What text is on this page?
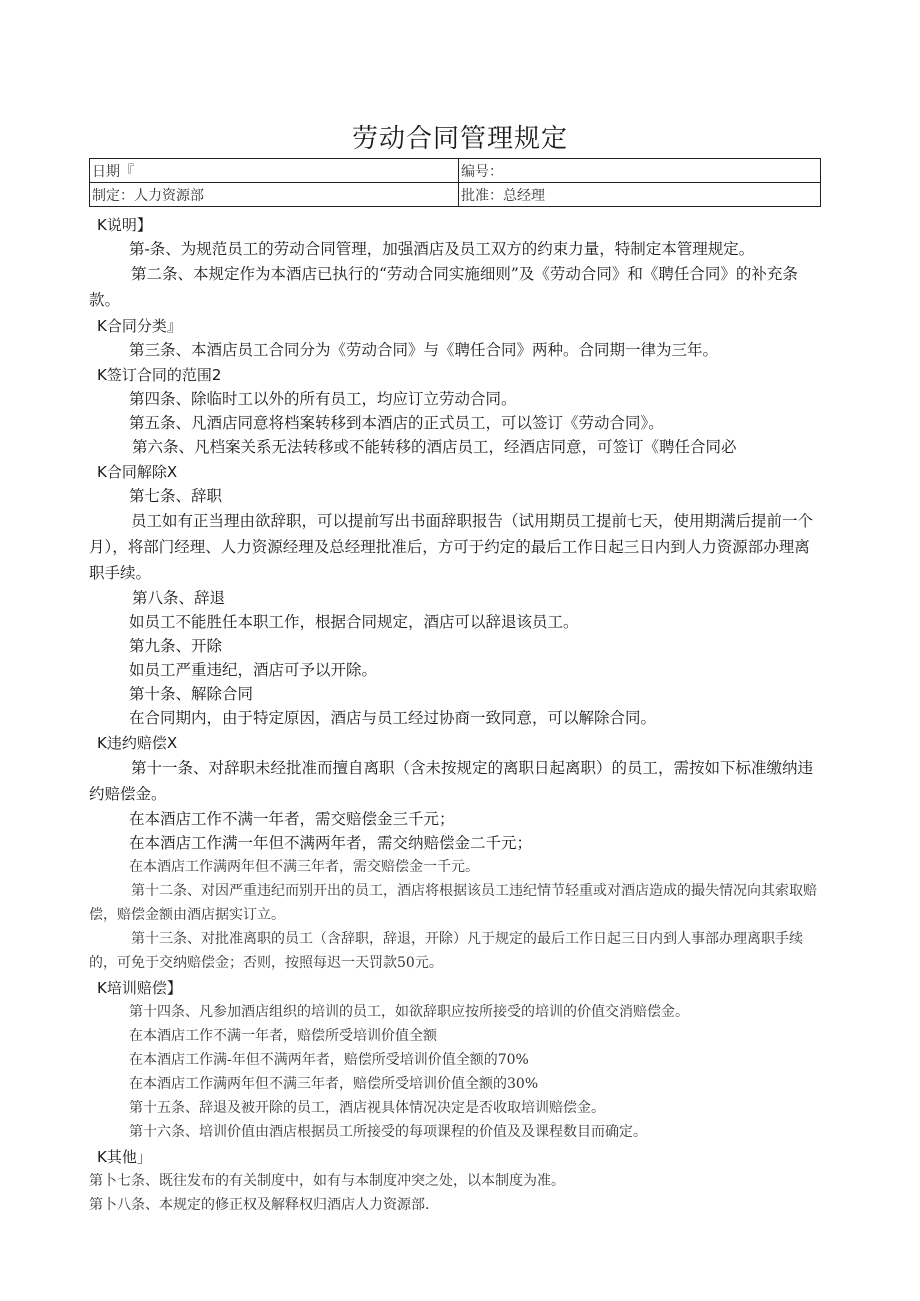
劳动合同管理规定
日期『	编号：
制定：人力资源部	批准：总经理
K说明】
第-条、为规范员工的劳动合同管理，加强酒店及员工双方的约束力量，特制定本管理规定。
第二条、本规定作为本酒店已执行的“劳动合同实施细则”及《劳动合同》和《聘任合同》的补充条款。
K合同分类』
第三条、本酒店员工合同分为《劳动合同》与《聘任合同》两种。合同期一律为三年。
K签订合同的范围2
第四条、除临时工以外的所有员工，均应订立劳动合同。
第五条、凡酒店同意将档案转移到本酒店的正式员工，可以签订《劳动合同》。
第六条、凡档案关系无法转移或不能转移的酒店员工，经酒店同意，可签订《聘任合同必
K合同解除X
第七条、辞职
员工如有正当理由欲辞职，可以提前写出书面辞职报告（试用期员工提前七天，使用期满后提前一个月），将部门经理、人力资源经理及总经理批准后，方可于约定的最后工作日起三日内到人力资源部办理离职手续。
第八条、辞退
如员工不能胜任本职工作，根据合同规定，酒店可以辞退该员工。
第九条、开除
如员工严重违纪，酒店可予以开除。
第十条、解除合同
在合同期内，由于特定原因，酒店与员工经过协商一致同意，可以解除合同。
K违约赔偿X
第十一条、对辞职未经批准而擅自离职（含未按规定的离职日起离职）的员工，需按如下标准缴纳违约赔偿金。
在本酒店工作不满一年者，需交赔偿金三千元；
在本酒店工作满一年但不满两年者，需交纳赔偿金二千元；
在本酒店工作满两年但不满三年者，需交赔偿金一千元。
第十二条、对因严重违纪而别开出的员工，酒店将根据该员工违纪情节轻重或对酒店造成的撮失情况向其索取赔偿，赔偿金额由酒店据实订立。
第十三条、对批准离职的员工（含辞职，辞退，开除）凡于规定的最后工作日起三日内到人事部办理离职手续的，可免于交纳赔偿金；否则，按照每迟一天罚款50元。
K培训赔偿】
第十四条、凡参加酒店组织的培训的员工，如欲辞职应按所接受的培训的价值交消赔偿金。
在本酒店工作不满一年者，赔偿所受培训价值全额
在本酒店工作满-年但不满两年者，赔偿所受培训价值全额的70%
在本酒店工作满两年但不满三年者，赔偿所受培训价值全额的30%
第十五条、辞退及被开除的员工，酒店视具体情况决定是否收取培训赔偿金。
第十六条、培训价值由酒店根据员工所接受的每项课程的价值及及课程数目而确定。
K其他」
第卜七条、既往发布的有关制度中，如有与本制度冲突之处，以本制度为准。
第卜八条、本规定的修正权及解释权归酒店人力资源部.
